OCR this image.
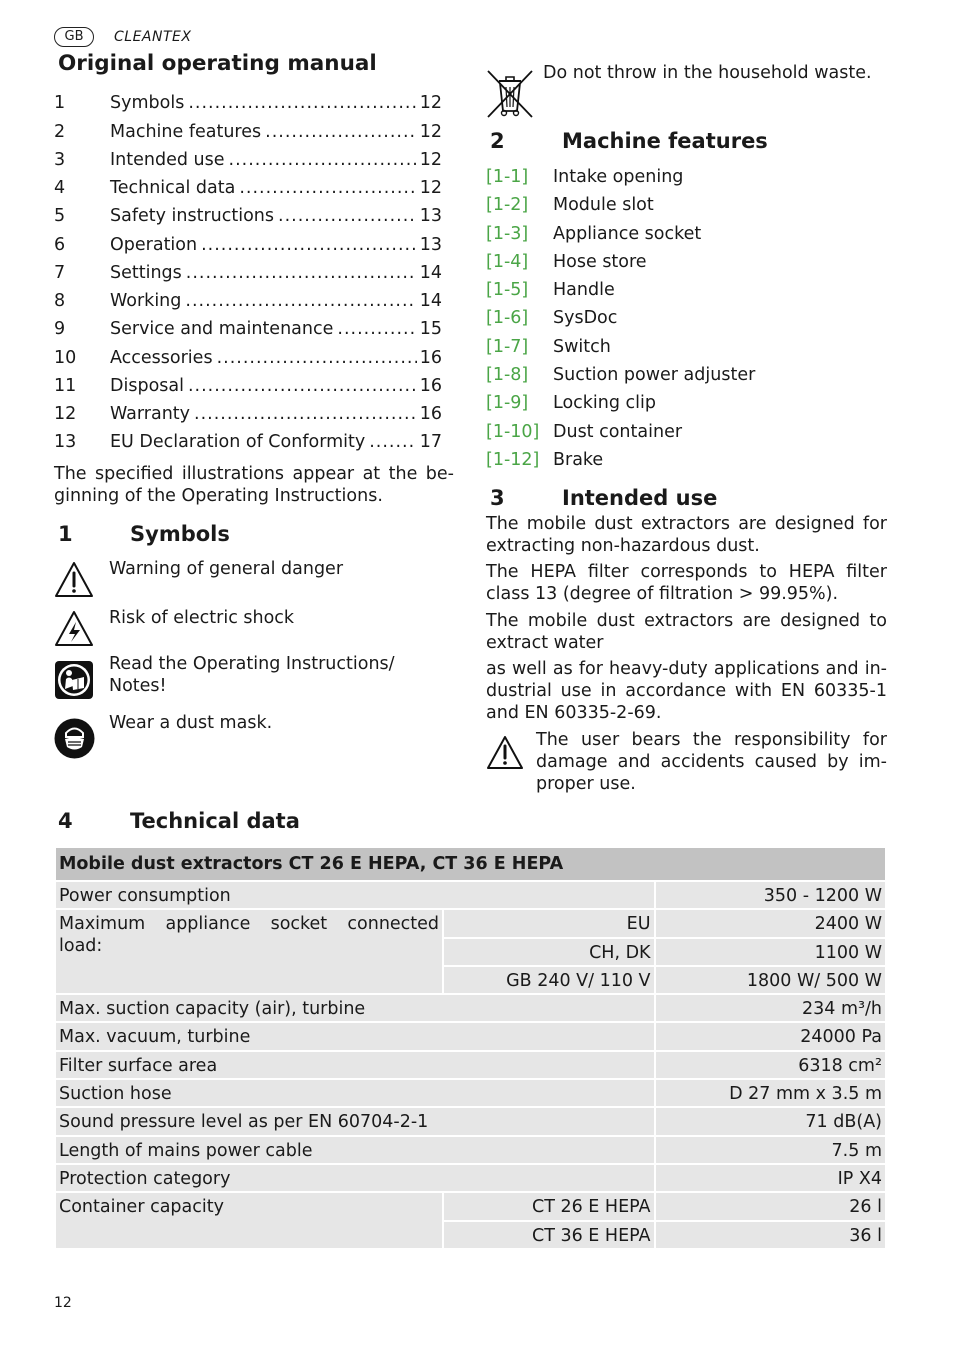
GB	CLEANTEX
Original operating manual
1	Symbols .....	12
2	Machine features .....	12
3	Intended use .....	12
4	Technical data .....	12
5	Safety instructions .....	13
6	Operation .....	13
7	Settings .....	14
8	Working .....	14
9	Service and maintenance .....	15
10	Accessories .....	16
11	Disposal .....	16
12	Warranty .....	16
13	EU Declaration of Conformity .....	17

The specified illustrations appear at the be-ginning of the Operating Instructions.

1	Symbols
Warning of general danger
Risk of electric shock
Read the Operating Instructions/ Notes!
Wear a dust mask.
Do not throw in the household waste.
2	Machine features
[1-1]	Intake opening
[1-2]	Module slot
[1-3]	Appliance socket
[1-4]	Hose store
[1-5]	Handle
[1-6]	SysDoc
[1-7]	Switch
[1-8]	Suction power adjuster
[1-9]	Locking clip
[1-10] Dust container
[1-12] Brake
3	Intended use

The mobile dust extractors are designed for extracting non-hazardous dust.

The HEPA filter corresponds to HEPA filter class 13 (degree of filtration > 99.95%).

The mobile dust extractors are designed to extract water

as well as for heavy-duty applications and in-dustrial use in accordance with EN 60335-1 and EN 60335-2-69.

The user bears the responsibility for damage and accidents caused by im-proper use.

4	Technical data
Mobile dust extractors CT 26 E HEPA, CT 36 E HEPA		
Power consumption		350 - 1200 W
Maximum appliance socket connected load:	EU	2400 W
	CH, DK	1100 W
	GB 240 V/ 110 V	1800 W/ 500 W
Max. suction capacity (air), turbine		234 m³/h
Max. vacuum, turbine		24000 Pa
Filter surface area		6318 cm²
Suction hose		D 27 mm x 3.5 m
Sound pressure level as per EN 60704-2-1		71 dB(A)
Length of mains power cable		7.5 m
Protection category		IP X4
Container capacity	CT 26 E HEPA	26 l
	CT 36 E HEPA	36 l
12
